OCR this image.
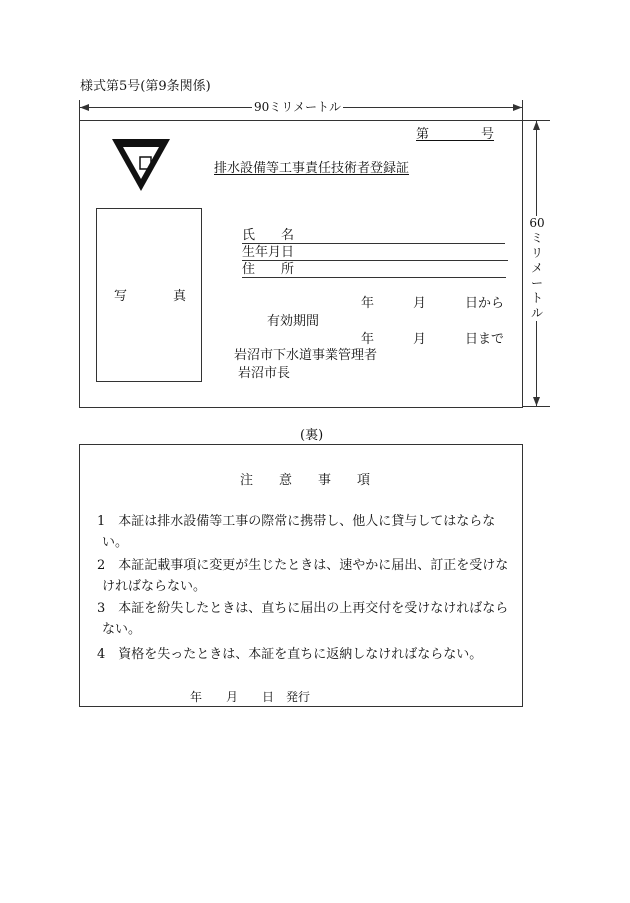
様式第5号(第9条関係)
90ミリメートル
60ミリメートル
第　　　　号
排水設備等工事責任技術者登録証
写	真
氏　　名
生年月日
住　　所
年　　　月　　　日から
有効期間
年　　　月　　　日まで
岩沼市下水道事業管理者
岩沼市長
(裏)
注　　意　　事　　項
1　本証は排水設備等工事の際常に携帯し、他人に貸与してはならな
い。
2　本証記載事項に変更が生じたときは、速やかに届出、訂正を受けな
ければならない。
3　本証を紛失したときは、直ちに届出の上再交付を受けなければなら
ない。
4　資格を失ったときは、本証を直ちに返納しなければならない。
年　　月　　日　発行
